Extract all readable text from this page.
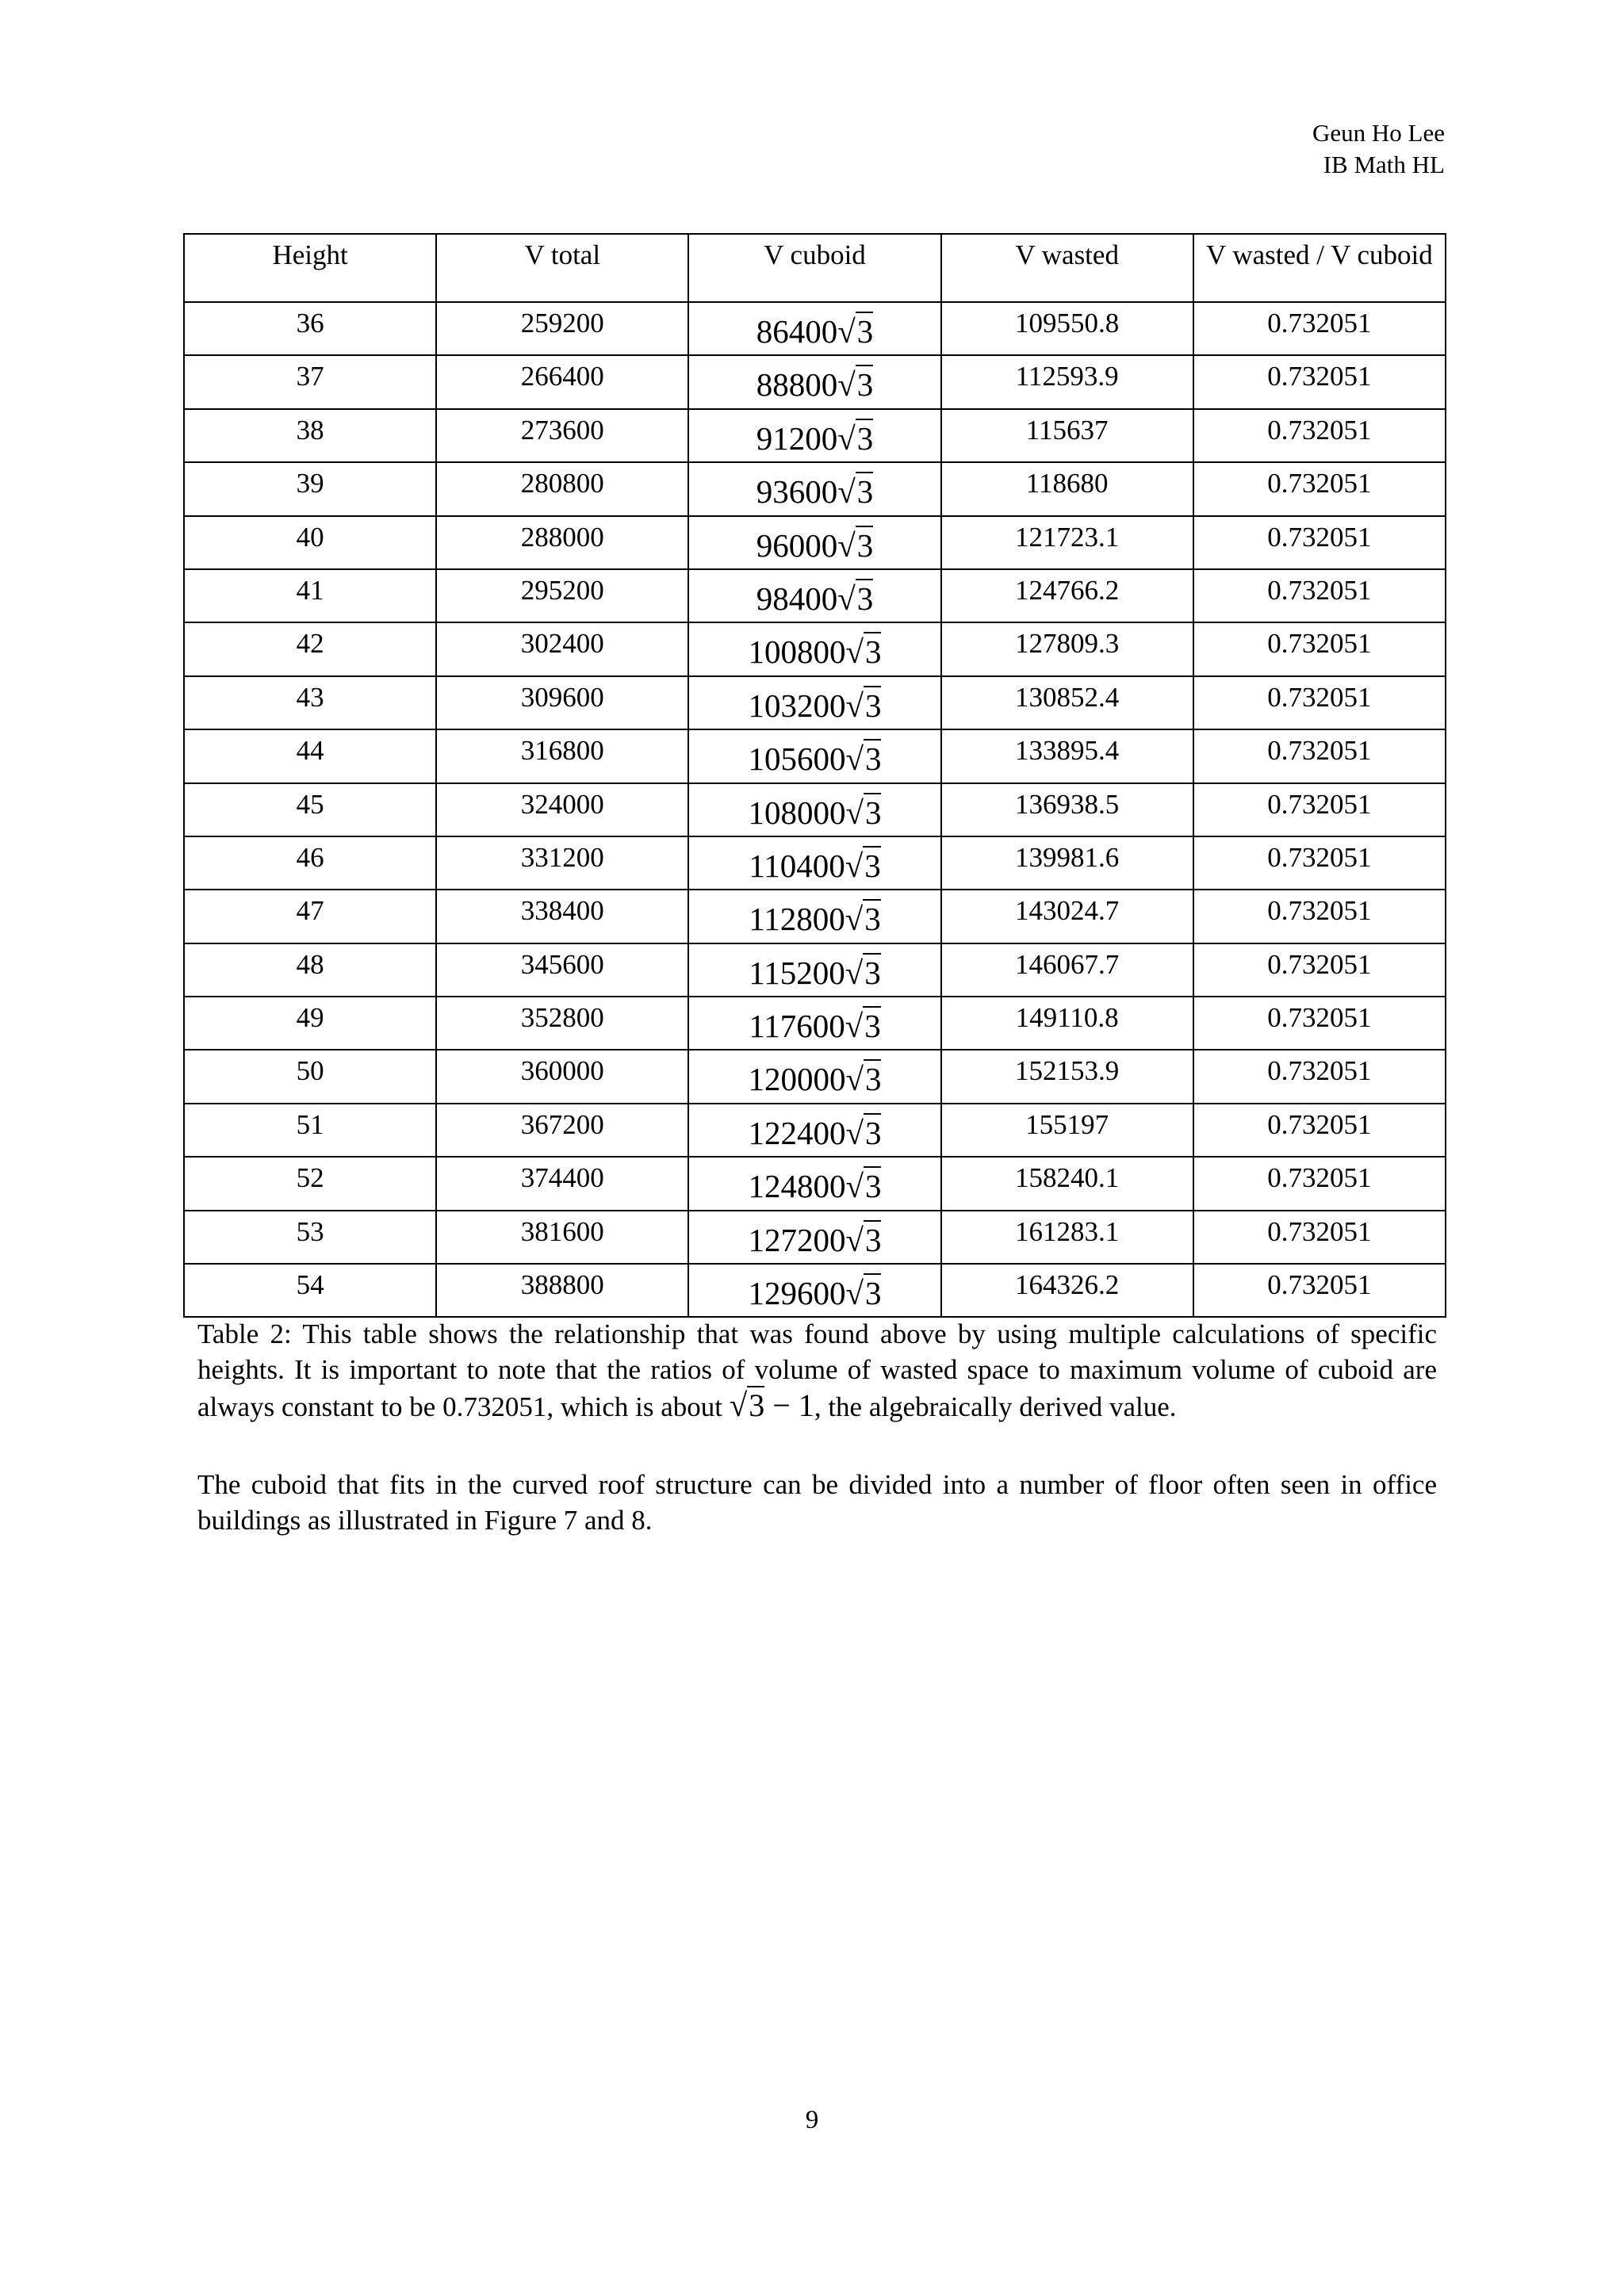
Geun Ho Lee
IB Math HL
Height	V total	V cuboid	V wasted	V wasted / V cuboid
36	259200	86400√3	109550.8	0.732051
37	266400	88800√3	112593.9	0.732051
38	273600	91200√3	115637	0.732051
39	280800	93600√3	118680	0.732051
40	288000	96000√3	121723.1	0.732051
41	295200	98400√3	124766.2	0.732051
42	302400	100800√3	127809.3	0.732051
43	309600	103200√3	130852.4	0.732051
44	316800	105600√3	133895.4	0.732051
45	324000	108000√3	136938.5	0.732051
46	331200	110400√3	139981.6	0.732051
47	338400	112800√3	143024.7	0.732051
48	345600	115200√3	146067.7	0.732051
49	352800	117600√3	149110.8	0.732051
50	360000	120000√3	152153.9	0.732051
51	367200	122400√3	155197	0.732051
52	374400	124800√3	158240.1	0.732051
53	381600	127200√3	161283.1	0.732051
54	388800	129600√3	164326.2	0.732051
Table 2: This table shows the relationship that was found above by using multiple calculations of specific heights. It is important to note that the ratios of volume of wasted space to maximum volume of cuboid are always constant to be 0.732051, which is about √3 − 1, the algebraically derived value.
The cuboid that fits in the curved roof structure can be divided into a number of floor often seen in office buildings as illustrated in Figure 7 and 8.
9
